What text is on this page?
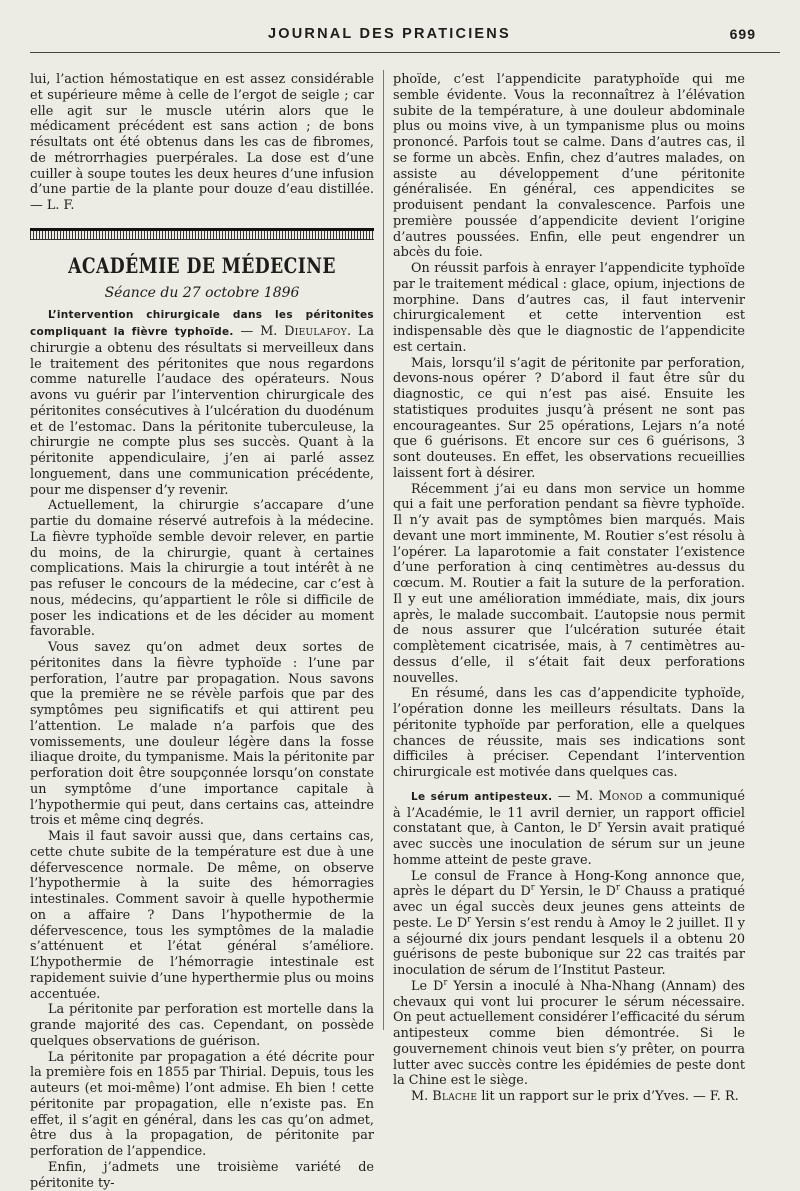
JOURNAL DES PRATICIENS	699

lui, l’action hémostatique en est assez considérable et supérieure même à celle de l’ergot de seigle ; car elle agit sur le muscle utérin alors que le médicament précédent est sans action ; de bons résultats ont été obtenus dans les cas de fibromes, de métrorrhagies puerpérales. La dose est d’une cuiller à soupe toutes les deux heures d’une infusion d’une partie de la plante pour douze d’eau distillée. — L. F.

ACADÉMIE DE MÉDECINE
Séance du 27 octobre 1896

L’intervention chirurgicale dans les péritonites compliquant la fièvre typhoïde. — M. Dieulafoy. La chirurgie a obtenu des résultats si merveilleux dans le traitement des péritonites que nous regardons comme naturelle l’audace des opérateurs. Nous avons vu guérir par l’intervention chirurgicale des péritonites consécutives à l’ulcération du duodénum et de l’estomac. Dans la péritonite tuberculeuse, la chirurgie ne compte plus ses succès. Quant à la péritonite appendiculaire, j’en ai parlé assez longuement, dans une communication précédente, pour me dispenser d’y revenir.

Actuellement, la chirurgie s’accapare d’une partie du domaine réservé autrefois à la médecine. La fièvre typhoïde semble devoir relever, en partie du moins, de la chirurgie, quant à certaines complications. Mais la chirurgie a tout intérêt à ne pas refuser le concours de la médecine, car c’est à nous, médecins, qu’appartient le rôle si difficile de poser les indications et de les décider au moment favorable.

Vous savez qu’on admet deux sortes de péritonites dans la fièvre typhoïde : l’une par perforation, l’autre par propagation. Nous savons que la première ne se révèle parfois que par des symptômes peu significatifs et qui attirent peu l’attention. Le malade n’a parfois que des vomissements, une douleur légère dans la fosse iliaque droite, du tympanisme. Mais la péritonite par perforation doit être soupçonnée lorsqu’on constate un symptôme d’une importance capitale à l’hypothermie qui peut, dans certains cas, atteindre trois et même cinq degrés.

Mais il faut savoir aussi que, dans certains cas, cette chute subite de la température est due à une défervescence normale. De même, on observe l’hypothermie à la suite des hémorragies intestinales. Comment savoir à quelle hypothermie on a affaire ? Dans l’hypothermie de la défervescence, tous les symptômes de la maladie s’atténuent et l’état général s’améliore. L’hypothermie de l’hémorragie intestinale est rapidement suivie d’une hyperthermie plus ou moins accentuée.

La péritonite par perforation est mortelle dans la grande majorité des cas. Cependant, on possède quelques observations de guérison.

La péritonite par propagation a été décrite pour la première fois en 1855 par Thirial. Depuis, tous les auteurs (et moi-même) l’ont admise. Eh bien ! cette péritonite par propagation, elle n’existe pas. En effet, il s’agit en général, dans les cas qu’on admet, être dus à la propagation, de péritonite par perforation de l’appendice.

Enfin, j’admets une troisième variété de péritonite ty-

phoïde, c’est l’appendicite paratyphoïde qui me semble évidente. Vous la reconnaîtrez à l’élévation subite de la température, à une douleur abdominale plus ou moins vive, à un tympanisme plus ou moins prononcé. Parfois tout se calme. Dans d’autres cas, il se forme un abcès. Enfin, chez d’autres malades, on assiste au développement d’une péritonite généralisée. En général, ces appendicites se produisent pendant la convalescence. Parfois une première poussée d’appendicite devient l’origine d’autres poussées. Enfin, elle peut engendrer un abcès du foie.

On réussit parfois à enrayer l’appendicite typhoïde par le traitement médical : glace, opium, injections de morphine. Dans d’autres cas, il faut intervenir chirurgicalement et cette intervention est indispensable dès que le diagnostic de l’appendicite est certain.

Mais, lorsqu’il s’agit de péritonite par perforation, devons-nous opérer ? D’abord il faut être sûr du diagnostic, ce qui n’est pas aisé. Ensuite les statistiques produites jusqu’à présent ne sont pas encourageantes. Sur 25 opérations, Lejars n’a noté que 6 guérisons. Et encore sur ces 6 guérisons, 3 sont douteuses. En effet, les observations recueillies laissent fort à désirer.

Récemment j’ai eu dans mon service un homme qui a fait une perforation pendant sa fièvre typhoïde. Il n’y avait pas de symptômes bien marqués. Mais devant une mort imminente, M. Routier s’est résolu à l’opérer. La laparotomie a fait constater l’existence d’une perforation à cinq centimètres au-dessus du cœcum. M. Routier a fait la suture de la perforation. Il y eut une amélioration immédiate, mais, dix jours après, le malade succombait. L’autopsie nous permit de nous assurer que l’ulcération suturée était complètement cicatrisée, mais, à 7 centimètres au-dessus d’elle, il s’était fait deux perforations nouvelles.

En résumé, dans les cas d’appendicite typhoïde, l’opération donne les meilleurs résultats. Dans la péritonite typhoïde par perforation, elle a quelques chances de réussite, mais ses indications sont difficiles à préciser. Cependant l’intervention chirurgicale est motivée dans quelques cas.

Le sérum antipesteux. — M. Monod a communiqué à l’Académie, le 11 avril dernier, un rapport officiel constatant que, à Canton, le $D^r$ Yersin avait pratiqué avec succès une inoculation de sérum sur un jeune homme atteint de peste grave.

Le consul de France à Hong-Kong annonce que, après le départ du $D^r$ Yersin, le $D^r$ Chauss a pratiqué avec un égal succès deux jeunes gens atteints de peste. Le $D^r$ Yersin s’est rendu à Amoy le 2 juillet. Il y a séjourné dix jours pendant lesquels il a obtenu 20 guérisons de peste bubonique sur 22 cas traités par inoculation de sérum de l’Institut Pasteur.

Le $D^r$ Yersin a inoculé à Nha-Nhang (Annam) des chevaux qui vont lui procurer le sérum nécessaire. On peut actuellement considérer l’efficacité du sérum antipesteux comme bien démontrée. Si le gouvernement chinois veut bien s’y prêter, on pourra lutter avec succès contre les épidémies de peste dont la Chine est le siège.

M. Blache lit un rapport sur le prix d’Yves. — F. R.
